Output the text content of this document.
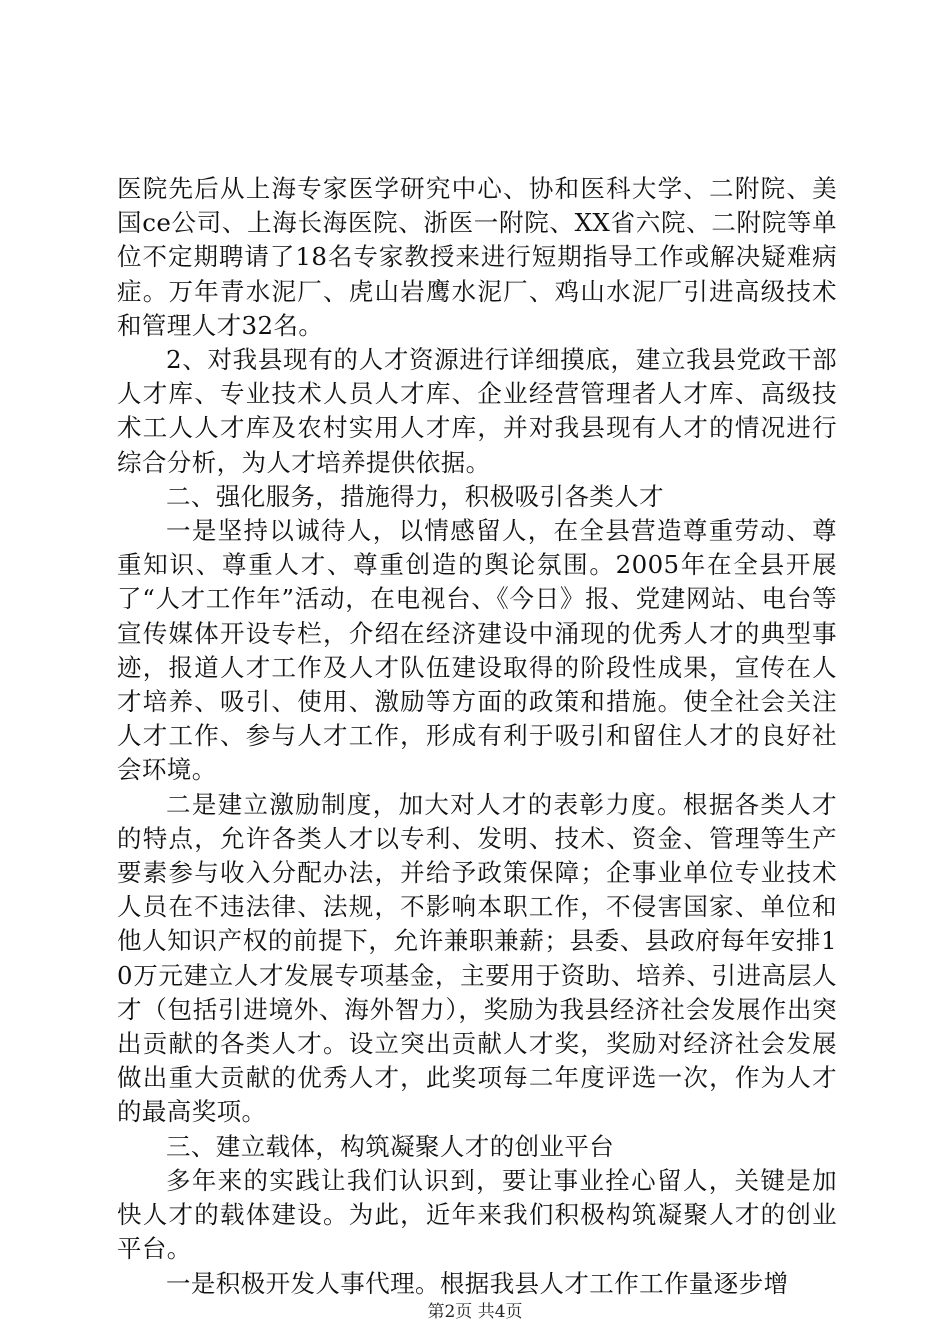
医院先后从上海专家医学研究中心、协和医科大学、二附院、美国ce公司、上海长海医院、浙医一附院、XX省六院、二附院等单位不定期聘请了18名专家教授来进行短期指导工作或解决疑难病症。万年青水泥厂、虎山岩鹰水泥厂、鸡山水泥厂引进高级技术和管理人才32名。

2、对我县现有的人才资源进行详细摸底，建立我县党政干部人才库、专业技术人员人才库、企业经营管理者人才库、高级技术工人人才库及农村实用人才库，并对我县现有人才的情况进行综合分析，为人才培养提供依据。

二、强化服务，措施得力，积极吸引各类人才

一是坚持以诚待人，以情感留人，在全县营造尊重劳动、尊重知识、尊重人才、尊重创造的舆论氛围。2005年在全县开展了“人才工作年”活动，在电视台、《今日》报、党建网站、电台等宣传媒体开设专栏，介绍在经济建设中涌现的优秀人才的典型事迹，报道人才工作及人才队伍建设取得的阶段性成果，宣传在人才培养、吸引、使用、激励等方面的政策和措施。使全社会关注人才工作、参与人才工作，形成有利于吸引和留住人才的良好社会环境。

二是建立激励制度，加大对人才的表彰力度。根据各类人才的特点，允许各类人才以专利、发明、技术、资金、管理等生产要素参与收入分配办法，并给予政策保障；企事业单位专业技术人员在不违法律、法规，不影响本职工作，不侵害国家、单位和他人知识产权的前提下，允许兼职兼薪；县委、县政府每年安排10万元建立人才发展专项基金，主要用于资助、培养、引进高层人才（包括引进境外、海外智力），奖励为我县经济社会发展作出突出贡献的各类人才。设立突出贡献人才奖，奖励对经济社会发展做出重大贡献的优秀人才，此奖项每二年度评选一次，作为人才的最高奖项。

三、建立载体，构筑凝聚人才的创业平台

多年来的实践让我们认识到，要让事业拴心留人，关键是加快人才的载体建设。为此，近年来我们积极构筑凝聚人才的创业平台。

一是积极开发人事代理。根据我县人才工作工作量逐步增

第2页 共4页
